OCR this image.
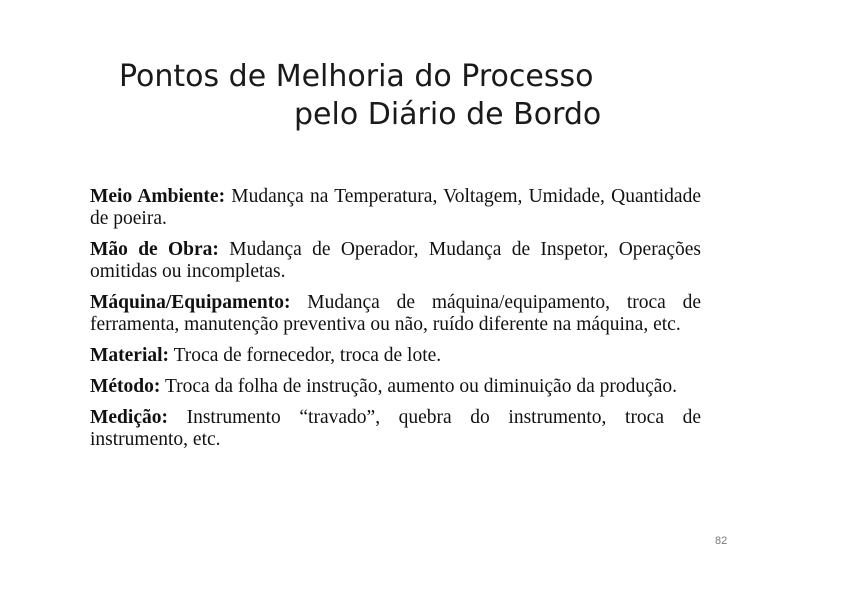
Pontos de Melhoria do Processo
pelo Diário de Bordo

Meio Ambiente: Mudança na Temperatura, Voltagem, Umidade, Quantidade de poeira.

Mão de Obra: Mudança de Operador, Mudança de Inspetor, Operações omitidas ou incompletas.

Máquina/Equipamento: Mudança de máquina/equipamento, troca de ferramenta, manutenção preventiva ou não, ruído diferente na máquina, etc.

Material: Troca de fornecedor, troca de lote.

Método: Troca da folha de instrução, aumento ou diminuição da produção.

Medição: Instrumento “travado”, quebra do instrumento, troca de instrumento, etc.

82
